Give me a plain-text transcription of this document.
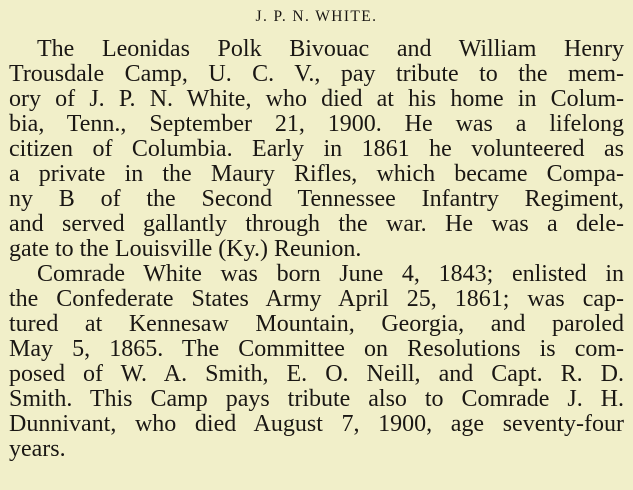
J. P. N. WHITE.
The Leonidas Polk Bivouac and William Henry
Trousdale Camp, U. C. V., pay tribute to the mem-
ory of J. P. N. White, who died at his home in Colum-
bia, Tenn., September 21, 1900. He was a lifelong
citizen of Columbia. Early in 1861 he volunteered as
a private in the Maury Rifles, which became Compa-
ny B of the Second Tennessee Infantry Regiment,
and served gallantly through the war. He was a dele-
gate to the Louisville (Ky.) Reunion.
Comrade White was born June 4, 1843; enlisted in
the Confederate States Army April 25, 1861; was cap-
tured at Kennesaw Mountain, Georgia, and paroled
May 5, 1865. The Committee on Resolutions is com-
posed of W. A. Smith, E. O. Neill, and Capt. R. D.
Smith. This Camp pays tribute also to Comrade J. H.
Dunnivant, who died August 7, 1900, age seventy-four
years.
